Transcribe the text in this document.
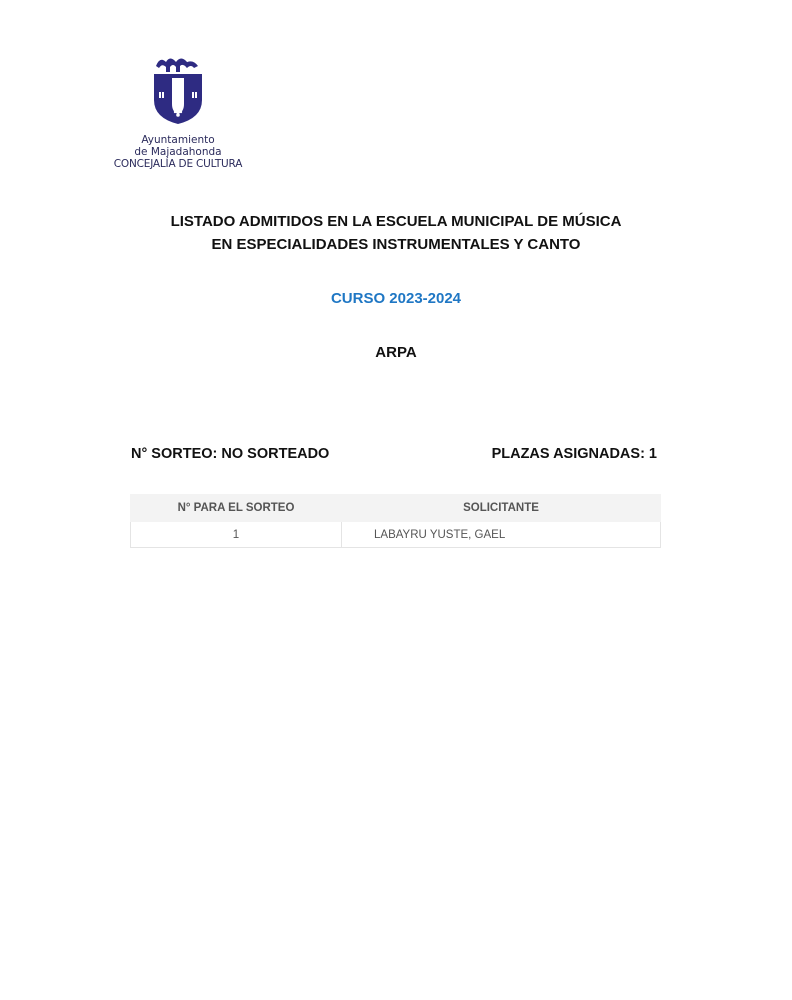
Ayuntamiento
de Majadahonda
CONCEJALÍA DE CULTURA
LISTADO ADMITIDOS EN LA ESCUELA MUNICIPAL DE MÚSICA
EN ESPECIALIDADES INSTRUMENTALES Y CANTO
CURSO 2023-2024
ARPA
N° SORTEO: NO SORTEADO	PLAZAS ASIGNADAS: 1
N° PARA EL SORTEO	SOLICITANTE
1	LABAYRU YUSTE, GAEL
